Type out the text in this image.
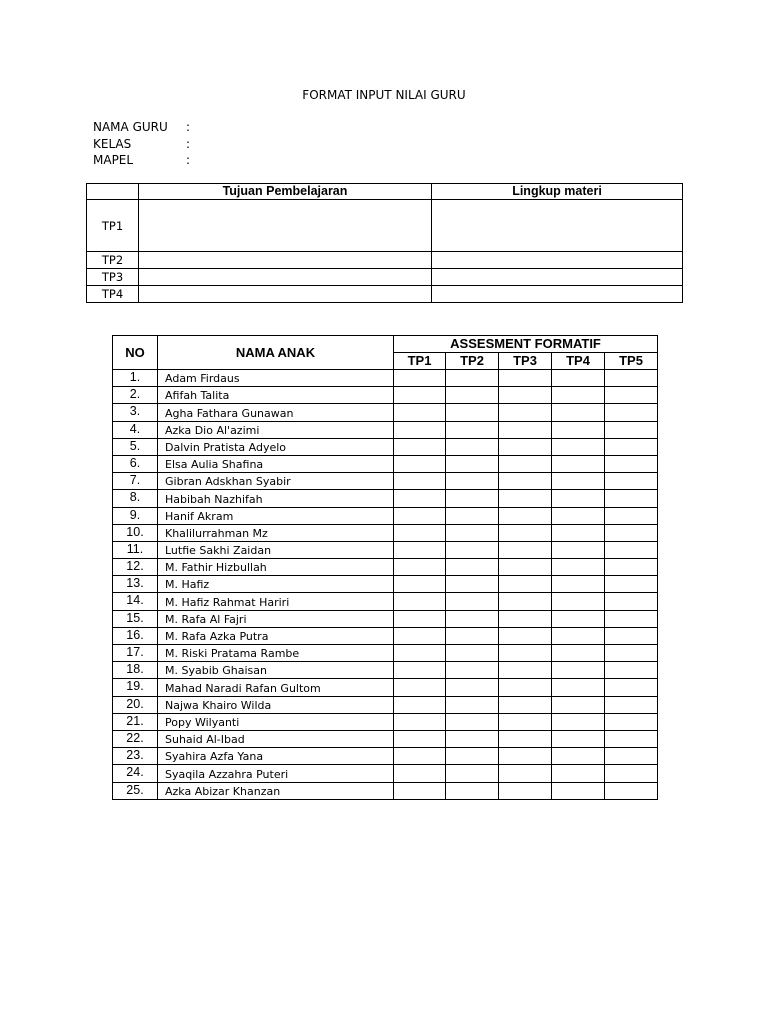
FORMAT INPUT NILAI GURU
NAMA GURU :
KELAS	:
MAPEL	:
	Tujuan Pembelajaran	Lingkup materi
TP1		
TP2		
TP3		
TP4		
NO	NAMA ANAK	ASSESMENT FORMATIF				
		TP1	TP2	TP3	TP4	TP5
1.	Adam Firdaus					
2.	Afifah Talita					
3.	Agha Fathara Gunawan					
4.	Azka Dio Al'azimi					
5.	Dalvin Pratista Adyelo					
6.	Elsa Aulia Shafina					
7.	Gibran Adskhan Syabir					
8.	Habibah Nazhifah					
9.	Hanif Akram					
10.	Khalilurrahman Mz					
11.	Lutfie Sakhi Zaidan					
12.	M. Fathir Hizbullah					
13.	M. Hafiz					
14.	M. Hafiz Rahmat Hariri					
15.	M. Rafa Al Fajri					
16.	M. Rafa Azka Putra					
17.	M. Riski Pratama Rambe					
18.	M. Syabib Ghaisan					
19.	Mahad Naradi Rafan Gultom					
20.	Najwa Khairo Wilda					
21.	Popy Wilyanti					
22.	Suhaid Al-Ibad					
23.	Syahira Azfa Yana					
24.	Syaqila Azzahra Puteri					
25.	Azka Abizar Khanzan					
